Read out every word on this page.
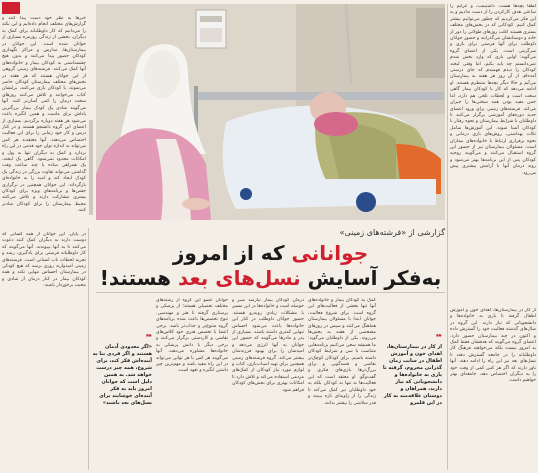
خبرها به نظر خود دست پیدا کنند و گزارش‌های مختلف انجام داده‌ایم و این نکته را می‌دانیم که کار داوطلبانه برای کمک به دیگران، بخشی از زندگی روزمره بسیاری از جوانان شده است. این جوانان در بیمارستان‌ها، مدارس و مراکز نگهداری کودکان حضور پیدا می‌کنند و بدون هیچ چشمداشتی به کودکان بیمار و خانواده‌های آنها کمک می‌کنند. فرشته‌های زمینی گروهی از این جوانان هستند که هر هفته در بخش‌های مختلف بیمارستان کودکان حاضر می‌شوند، با کودکان بازی می‌کنند، برایشان کتاب می‌خوانند و تلاش می‌کنند روزهای سخت درمان را کمی آسان‌تر کنند. آنها می‌گویند شادی یک کودک بیمار بزرگترین پاداش برای ماست و همین انگیزه باعث می‌شود هر هفته دوباره برگردیم. بسیاری از اعضای این گروه دانشجو هستند و در کنار درس و کار خود زمانی را برای این فعالیت اختصاص می‌دهند. آنها معتقدند هر کس می‌تواند به اندازه توان خود قدمی در این راه بردارد و کمک به دیگران تنها به پول و امکانات محدود نمی‌شود. گاهی یک لبخند، یک همراهی ساده یا چند ساعت وقت گذاشتن می‌تواند تفاوت بزرگی در زندگی یک کودک ایجاد کند و امید را به خانواده‌ای بازگرداند. این جوانان همچنین در برگزاری جشن‌ها و برنامه‌های ویژه برای کودکان بستری مشارکت دارند و تلاش می‌کنند محیط بیمارستان را برای کودکان شادتر کنند.

لطفا بچه‌ها هست. داشتیمب، و عرایم را ساعتی هدف کارکردن را از دست ندادیم و به این فکر می‌کردیم که چطور می‌توانیم بیشتر کمک کنیم. کودکانی که در بخش‌های مختلف بستری هستند اغلب روزهای طولانی را دور از خانه و دوستانشان می‌گذرانند و حضور جوانان داوطلب برای آنها فرصتی برای بازی و سرگرمی است. یکی از اعضای گروه می‌گوید: اولین باری که وارد بخش شدم نمی‌دانستم چه باید بکنم، اما وقتی لبخند کودکان را دیدم فهمیدم که جای درستی آمده‌ام. از آن روز هر هفته به بیمارستان می‌آیم و حالا دیگر بچه‌ها منتظرم هستند. او ادامه می‌دهد که کار با کودکان بیمار گاهی سخت است و لحظات تلخی هم دارد، اما حس مفید بودن همه سختی‌ها را جبران می‌کند. فرشته‌های زمینی برای ورود اعضای جدید دوره‌های آموزشی برگزار می‌کنند تا داوطلبان با شرایط بیمارستان و نحوه رفتار با کودکان آشنا شوند. این آموزش‌ها شامل نکات بهداشتی، روش‌های بازی درمانی و نحوه برقراری ارتباط با خانواده‌های بیماران است. مسئولان بیمارستان نیز از حضور این گروه استقبال می‌کنند و می‌گویند روحیه کودکان پس از این برنامه‌ها بهتر می‌شود و روند درمان آنها با آرامش بیشتری پیش می‌رود.

گزارشی از «فرشته‌های زمینی»
جوانانی که از امروز
به‌فکر آسایش نسل‌های بعد هستند!

در پایان، این جوانان از همه کسانی که دوست دارند به دیگران کمک کنند دعوت می‌کنند تا به آنها بپیوندند. آنها می‌گویند که کار داوطلبانه فرصتی برای یادگیری، رشد و تجربه لحظات ناب انسانی است. فرشته‌های زمینی امیدوارند روزی برسد که هیچ کودکی در بیمارستان احساس تنهایی نکند و همه کودکان بیمار در کنار درمان از شادی و محبت برخوردار باشند.

❝
«اگر معدودی آدمان هستند و اگر فردی بنا به آینده‌اش فکر کند، برای شروع، همه چیز درست خواهد شد. به همین دلیل است که جوانان امروز باید به فکر آینده‌ای خوشایند برای نسل‌های بعد باشند»

جوانان عضو این گروه از رشته‌های مختلف تحصیلی هستند؛ از پزشکی و پرستاری گرفته تا هنر و مهندسی. تنوع تخصص‌ها باعث شده برنامه‌های گروه متنوع‌تر و جذاب‌تر باشد. برخی اعضا با تخصص هنری خود کلاس‌های نقاشی و کاردستی برگزار می‌کنند و برخی دیگر با دانش پزشکی به خانواده‌ها مشاوره می‌دهند. آنها می‌گویند هر کس با هر توانی می‌تواند در این راه مفید باشد و مهم‌ترین چیز داشتن انگیزه و تعهد است.

درمان کودکان بیمار نیازمند صبر و حوصله است و خانواده‌ها در این مسیر با مشکلات زیادی روبه‌رو هستند. حضور جوانان داوطلب در کنار این خانواده‌ها باعث می‌شود احساس تنهایی کمتری داشته باشند. بسیاری از پدر و مادرها می‌گویند که حضور این جوانان به آنها انرژی می‌دهد و امیدشان را برای بهبود فرزندشان بیشتر می‌کند. گروه فرشته‌های زمینی همچنین برای تهیه اسباب‌بازی، کتاب و لوازم مورد نیاز کودکان از کمک‌های مردمی استفاده می‌کند و تلاش دارد تا امکانات بهتری برای بخش‌های کودکان فراهم شود.

کمک به کودکان بیمار و خانواده‌های آنها تنها بخشی از فعالیت‌های این گروه است. برای شروع فعالیت، جوانان ابتدا با مسئولان بیمارستان هماهنگ می‌کنند و سپس در روزهای مشخصی از هفته به بخش‌ها می‌روند. یکی از داوطلبان می‌گوید: ما همیشه سعی می‌کنیم برنامه‌هایی متناسب با سن و شرایط کودکان داشته باشیم. برای کودکان کوچک‌تر نقاشی و قصه‌گویی و برای بزرگ‌ترها بازی‌های فکری و گفت‌وگو. او معتقد است که این فعالیت‌ها نه تنها به کودکان بلکه به خود داوطلبان نیز کمک می‌کند تا زندگی را از زاویه‌ای تازه ببینند و قدر سلامتی را بیشتر بدانند.

❝
از کار در بیمارستان‌ها، اهدای خون و آموزش اطفال در سایت زمان گذرانی محروم، گرفته تا یاری به خانواده‌ها و دانشجویانی که نیاز دارند، همراهان و دوستان علاقه‌مند به کار در این قلمرو

از کار در بیمارستان‌ها، اهدای خون و آموزش اطفال گرفته تا یاری به خانواده‌ها و دانشجویانی که نیاز دارند. این گروه در سال‌های گذشته فعالیت خود را گسترش داده و اکنون در چند بیمارستان حضور دارد. اعضای گروه می‌گویند که هدفشان فقط کمک به امروز نیست بلکه می‌خواهند فرهنگ کار داوطلبانه را در جامعه گسترش دهند تا نسل‌های بعد نیز این راه را ادامه دهند. آنها باور دارند که اگر هر کس کمی از وقت خود را به دیگران اختصاص دهد، جامعه‌ای بهتر خواهیم داشت.
